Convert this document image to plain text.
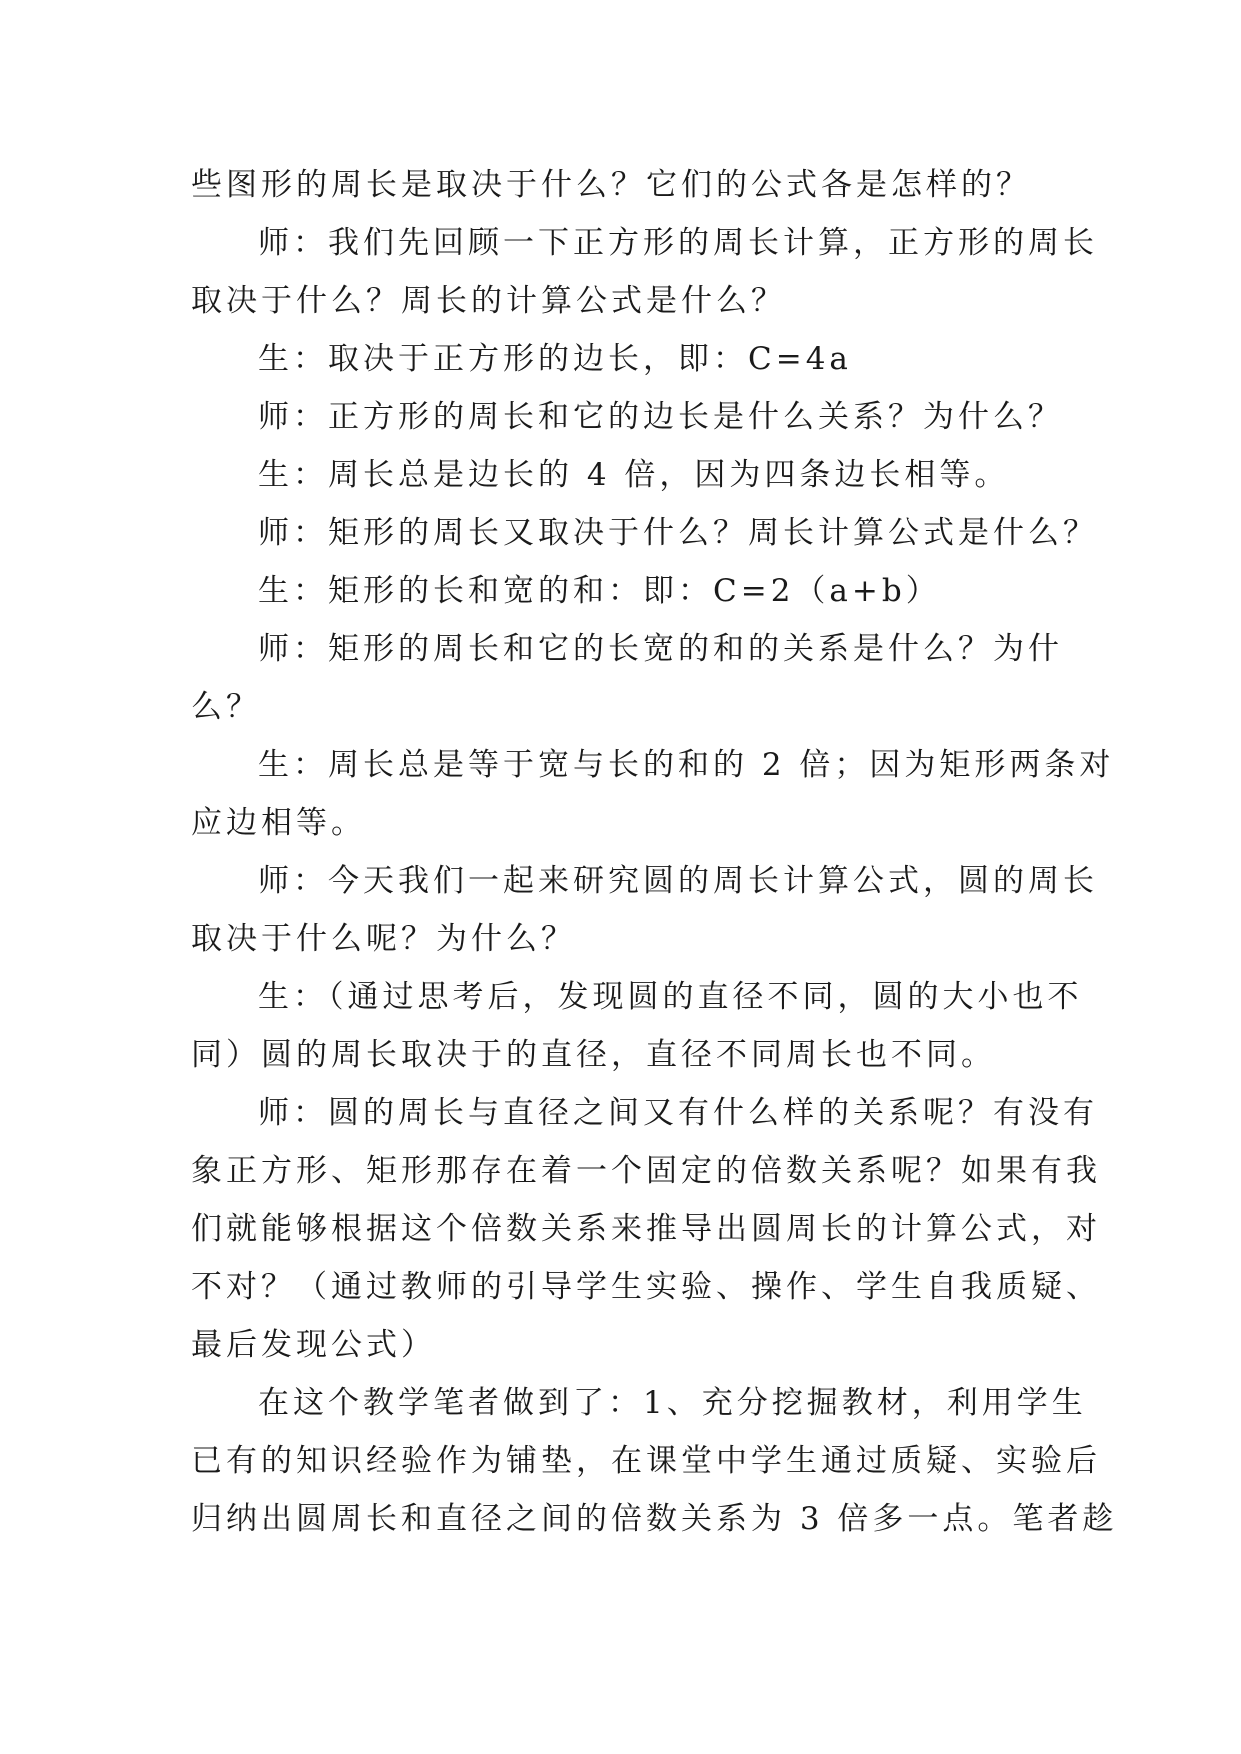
些图形的周长是取决于什么？它们的公式各是怎样的？

师：我们先回顾一下正方形的周长计算，正方形的周长

取决于什么？周长的计算公式是什么？

生：取决于正方形的边长，即：C=4a

师：正方形的周长和它的边长是什么关系？为什么？

生：周长总是边长的 4 倍，因为四条边长相等。

师：矩形的周长又取决于什么？周长计算公式是什么？

生：矩形的长和宽的和：即：C=2（a+b）

师：矩形的周长和它的长宽的和的关系是什么？为什

么？

生：周长总是等于宽与长的和的 2 倍；因为矩形两条对

应边相等。

师：今天我们一起来研究圆的周长计算公式，圆的周长

取决于什么呢？为什么？

生：（通过思考后，发现圆的直径不同，圆的大小也不

同）圆的周长取决于的直径，直径不同周长也不同。

师：圆的周长与直径之间又有什么样的关系呢？有没有

象正方形、矩形那存在着一个固定的倍数关系呢？如果有我

们就能够根据这个倍数关系来推导出圆周长的计算公式，对

不对？（通过教师的引导学生实验、操作、学生自我质疑、

最后发现公式）

在这个教学笔者做到了：1、充分挖掘教材，利用学生

已有的知识经验作为铺垫，在课堂中学生通过质疑、实验后

归纳出圆周长和直径之间的倍数关系为 3 倍多一点。笔者趁
